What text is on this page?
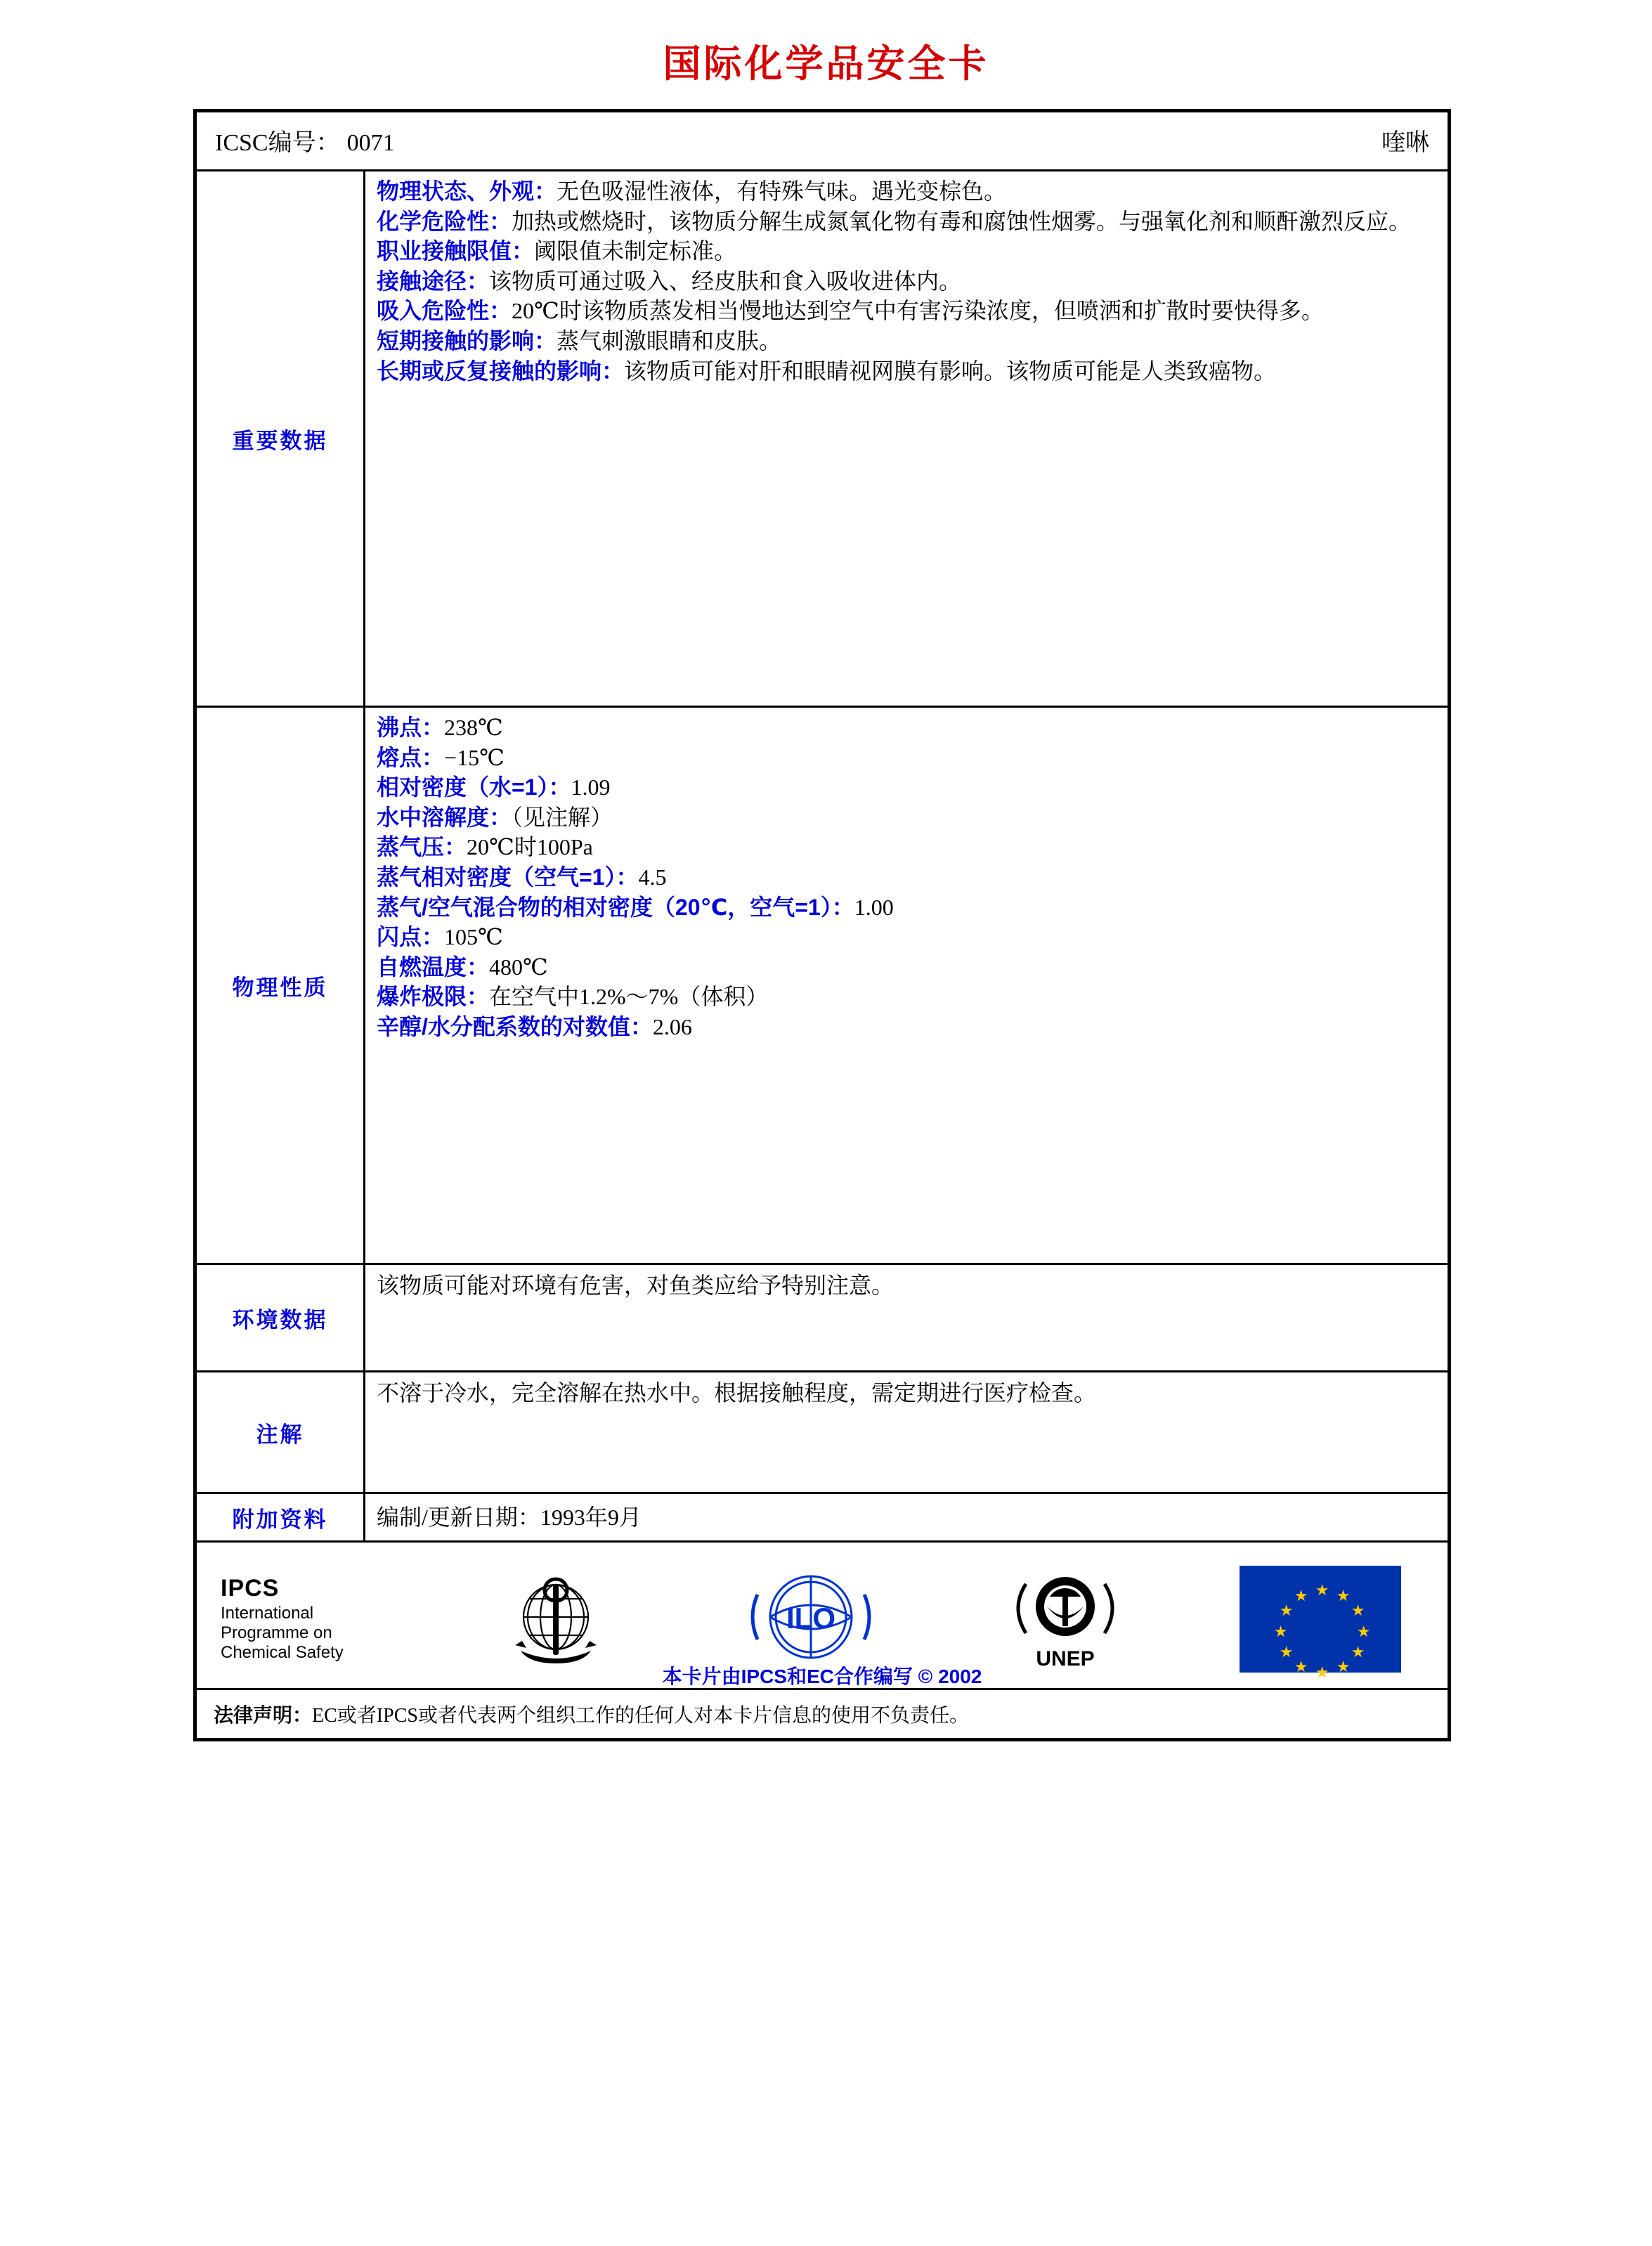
国际化学品安全卡
ICSC编号： 0071	喹啉
重要数据
物理状态、外观：无色吸湿性液体，有特殊气味。遇光变棕色。
化学危险性：加热或燃烧时，该物质分解生成氮氧化物有毒和腐蚀性烟雾。与强氧化剂和顺酐激烈反应。
职业接触限值：阈限值未制定标准。
接触途径：该物质可通过吸入、经皮肤和食入吸收进体内。
吸入危险性：20℃时该物质蒸发相当慢地达到空气中有害污染浓度，但喷洒和扩散时要快得多。
短期接触的影响：蒸气刺激眼睛和皮肤。
长期或反复接触的影响：该物质可能对肝和眼睛视网膜有影响。该物质可能是人类致癌物。
物理性质
沸点：238℃
熔点：−15℃
相对密度（水=1）：1.09
水中溶解度：（见注解）
蒸气压：20℃时100Pa
蒸气相对密度（空气=1）：4.5
蒸气/空气混合物的相对密度（20℃，空气=1）：1.00
闪点：105℃
自燃温度：480℃
爆炸极限：在空气中1.2%～7%（体积）
辛醇/水分配系数的对数值：2.06
环境数据
该物质可能对环境有危害，对鱼类应给予特别注意。
注解
不溶于冷水，完全溶解在热水中。根据接触程度，需定期进行医疗检查。
附加资料	编制/更新日期：1993年9月
IPCS
International
Programme on
Chemical Safety
ILO
UNEP
★ ★
★
★
★
★
★
★
★
★
★
★
本卡片由IPCS和EC合作编写 © 2002
法律声明：EC或者IPCS或者代表两个组织工作的任何人对本卡片信息的使用不负责任。
